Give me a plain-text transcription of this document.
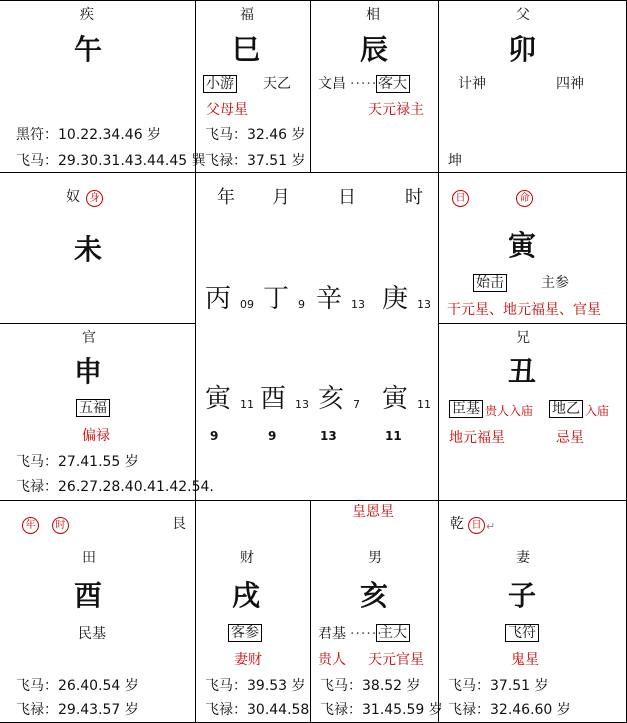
疾
午
黑符：10.22.34.46 岁
飞马：29.30.31.43.44.45 巽
福
巳
小游 天乙
父母星
飞马：32.46 岁
飞禄：37.51 岁
相
辰
文昌 ······
客大
天元禄主
父
卯
计神	四神
坤
奴 身
未
年 月	日	时
丙 09 丁 9 辛 13 庚 13
寅 11 酉 13 亥 7 寅 11
9	9	13	11
日	命
寅
始击	主参
干元星、地元福星、官星
官
申
五福
偏禄
飞马：27.41.55 岁
飞禄：26.27.28.40.41.42.54.
兄
丑
臣基 贵人入庙 地乙 入庙
地元福星	忌星
年	时	艮
田
酉
民基
飞马：26.40.54 岁
飞禄：29.43.57 岁
财
戌
客参
妻财
飞马：39.53 岁
飞禄：30.44.58
皇恩星
男
亥
君基 ······
主大
贵人 天元官星
飞马：38.52 岁
飞禄：31.45.59 岁
乾 日 ↵
妻
子
飞符
鬼星
飞马：37.51 岁
飞禄：32.46.60 岁
